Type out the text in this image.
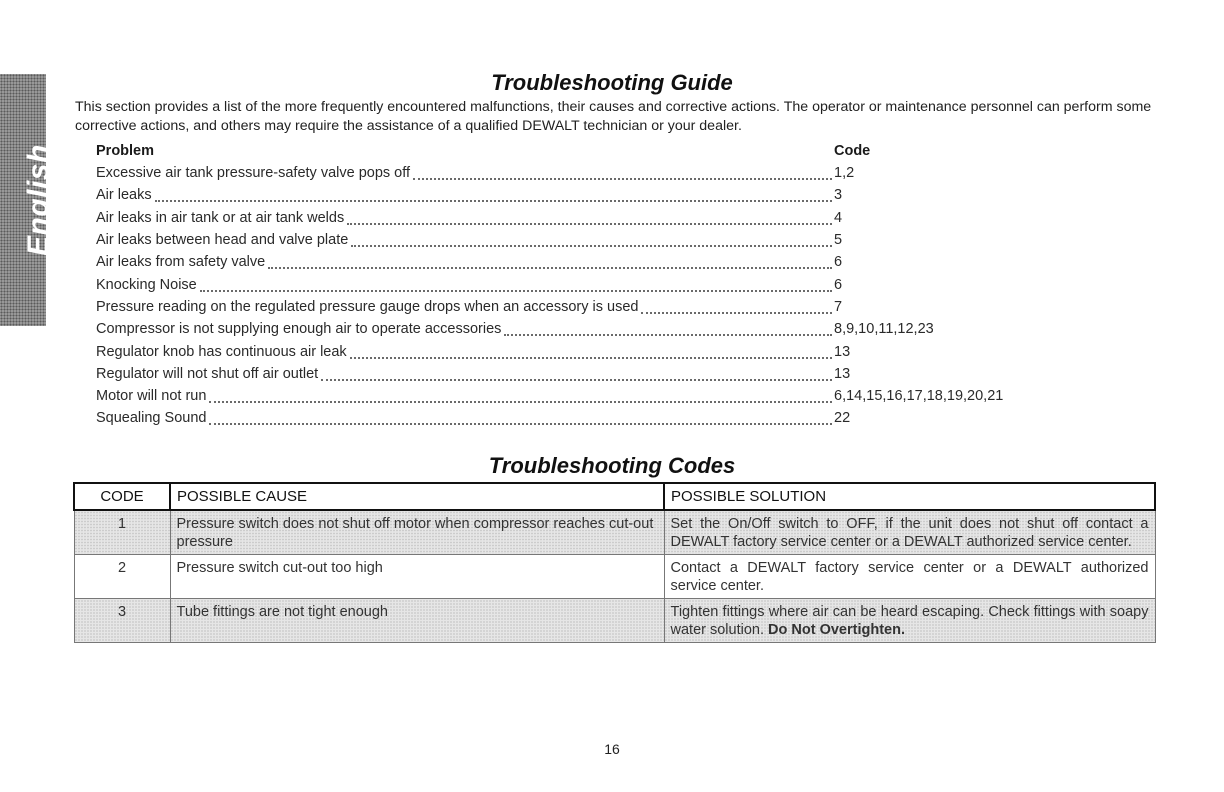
English
Troubleshooting Guide

This section provides a list of the more frequently encountered malfunctions, their causes and corrective actions. The operator or maintenance personnel can perform some corrective actions, and others may require the assistance of a qualified DEWALT technician or your dealer.

Problem	Code
Excessive air tank pressure-safety valve pops off	1,2
Air leaks	3
Air leaks in air tank or at air tank welds	4
Air leaks between head and valve plate	5
Air leaks from safety valve	6
Knocking Noise	6
Pressure reading on the regulated pressure gauge drops when an accessory is used	7
Compressor is not supplying enough air to operate accessories	8,9,10,11,12,23
Regulator knob has continuous air leak	13
Regulator will not shut off air outlet	13
Motor will not run	6,14,15,16,17,18,19,20,21
Squealing Sound	22
Troubleshooting Codes
CODE	POSSIBLE CAUSE	POSSIBLE SOLUTION
1	Pressure switch does not shut off motor when compressor reaches cut-out pressure	Set the On/Off switch to OFF, if the unit does not shut off contact a DEWALT factory service center or a DEWALT authorized service center.
2	Pressure switch cut-out too high	Contact a DEWALT factory service center or a DEWALT authorized service center.
3	Tube fittings are not tight enough	Tighten fittings where air can be heard escaping. Check fittings with soapy water solution. Do Not Overtighten.
16
